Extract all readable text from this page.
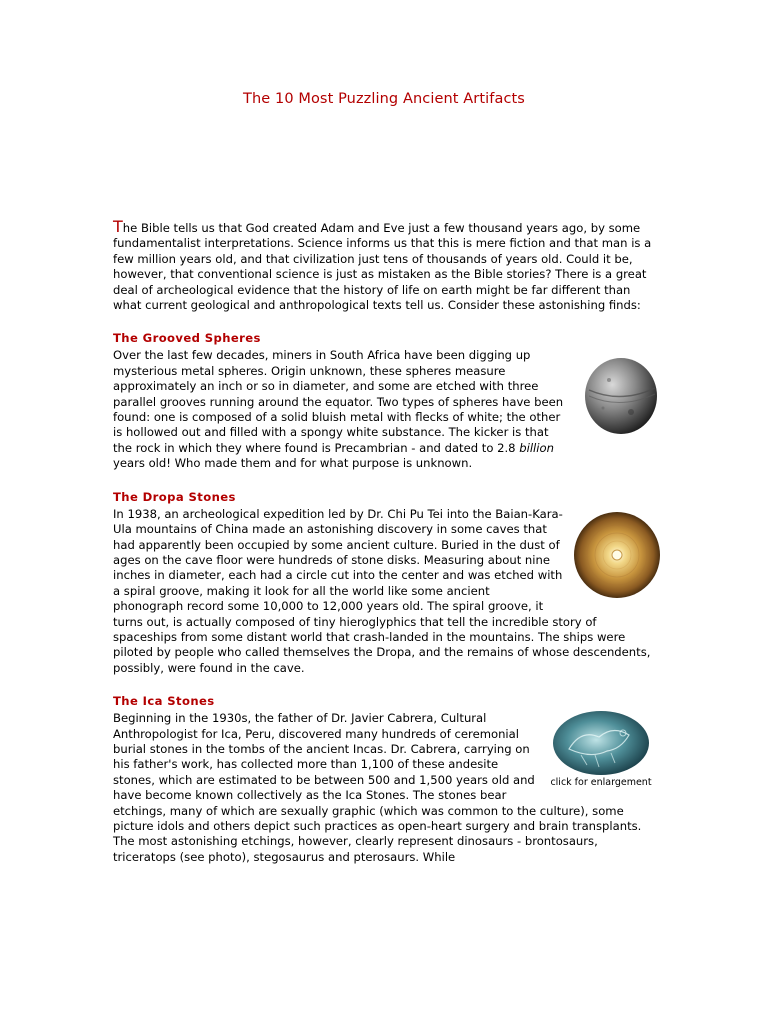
The 10 Most Puzzling Ancient Artifacts

The Bible tells us that God created Adam and Eve just a few thousand years ago, by some fundamentalist interpretations. Science informs us that this is mere fiction and that man is a few million years old, and that civilization just tens of thousands of years old. Could it be, however, that conventional science is just as mistaken as the Bible stories? There is a great deal of archeological evidence that the history of life on earth might be far different than what current geological and anthropological texts tell us. Consider these astonishing finds:

The Grooved Spheres

Over the last few decades, miners in South Africa have been digging up mysterious metal spheres. Origin unknown, these spheres measure approximately an inch or so in diameter, and some are etched with three parallel grooves running around the equator. Two types of spheres have been found: one is composed of a solid bluish metal with flecks of white; the other is hollowed out and filled with a spongy white substance. The kicker is that the rock in which they where found is Precambrian - and dated to 2.8 billion years old! Who made them and for what purpose is unknown.

The Dropa Stones

In 1938, an archeological expedition led by Dr. Chi Pu Tei into the Baian-Kara-Ula mountains of China made an astonishing discovery in some caves that had apparently been occupied by some ancient culture. Buried in the dust of ages on the cave floor were hundreds of stone disks. Measuring about nine inches in diameter, each had a circle cut into the center and was etched with a spiral groove, making it look for all the world like some ancient phonograph record some 10,000 to 12,000 years old. The spiral groove, it turns out, is actually composed of tiny hieroglyphics that tell the incredible story of spaceships from some distant world that crash-landed in the mountains. The ships were piloted by people who called themselves the Dropa, and the remains of whose descendents, possibly, were found in the cave.

The Ica Stones
click for enlargement

Beginning in the 1930s, the father of Dr. Javier Cabrera, Cultural Anthropologist for Ica, Peru, discovered many hundreds of ceremonial burial stones in the tombs of the ancient Incas. Dr. Cabrera, carrying on his father's work, has collected more than 1,100 of these andesite stones, which are estimated to be between 500 and 1,500 years old and have become known collectively as the Ica Stones. The stones bear etchings, many of which are sexually graphic (which was common to the culture), some picture idols and others depict such practices as open-heart surgery and brain transplants. The most astonishing etchings, however, clearly represent dinosaurs - brontosaurs, triceratops (see photo), stegosaurus and pterosaurs. While
